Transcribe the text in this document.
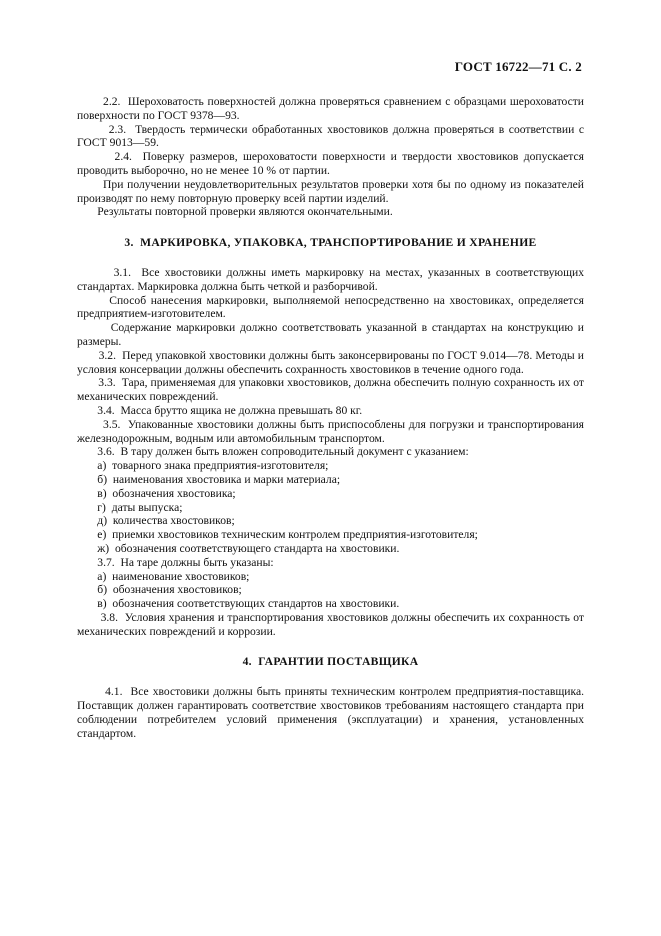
ГОСТ 16722—71 С. 2

2.2.  Шероховатость поверхностей должна проверяться сравнением с образцами шероховатости поверхности по ГОСТ 9378—93.

2.3.  Твердость термически обработанных хвостовиков должна проверяться в соответствии с ГОСТ 9013—59.

2.4.  Поверку размеров, шероховатости поверхности и твердости хвостовиков допускается проводить выборочно, но не менее 10 % от партии.

При получении неудовлетворительных результатов проверки хотя бы по одному из показателей производят по нему повторную проверку всей партии изделий.

Результаты повторной проверки являются окончательными.

3.  МАРКИРОВКА, УПАКОВКА, ТРАНСПОРТИРОВАНИЕ И ХРАНЕНИЕ

3.1.  Все хвостовики должны иметь маркировку на местах, указанных в соответствующих стандартах. Маркировка должна быть четкой и разборчивой.

Способ нанесения маркировки, выполняемой непосредственно на хвостовиках, определяется предприятием-изготовителем.

Содержание маркировки должно соответствовать указанной в стандартах на конструкцию и размеры.

3.2.  Перед упаковкой хвостовики должны быть законсервированы по ГОСТ 9.014—78. Методы и условия консервации должны обеспечить сохранность хвостовиков в течение одного года.

3.3.  Тара, применяемая для упаковки хвостовиков, должна обеспечить полную сохранность их от механических повреждений.

3.4.  Масса брутто ящика не должна превышать 80 кг.

3.5.  Упакованные хвостовики должны быть приспособлены для погрузки и транспортирования железнодорожным, водным или автомобильным транспортом.

3.6.  В тару должен быть вложен сопроводительный документ с указанием:

а)  товарного знака предприятия-изготовителя;

б)  наименования хвостовика и марки материала;

в)  обозначения хвостовика;

г)  даты выпуска;

д)  количества хвостовиков;

е)  приемки хвостовиков техническим контролем предприятия-изготовителя;

ж)  обозначения соответствующего стандарта на хвостовики.

3.7.  На таре должны быть указаны:

а)  наименование хвостовиков;

б)  обозначения хвостовиков;

в)  обозначения соответствующих стандартов на хвостовики.

3.8.  Условия хранения и транспортирования хвостовиков должны обеспечить их сохранность от механических повреждений и коррозии.

4.  ГАРАНТИИ ПОСТАВЩИКА

4.1.  Все хвостовики должны быть приняты техническим контролем предприятия-поставщика. Поставщик должен гарантировать соответствие хвостовиков требованиям настоящего стандарта при соблюдении потребителем условий применения (эксплуатации) и хранения, установленных стандартом.
